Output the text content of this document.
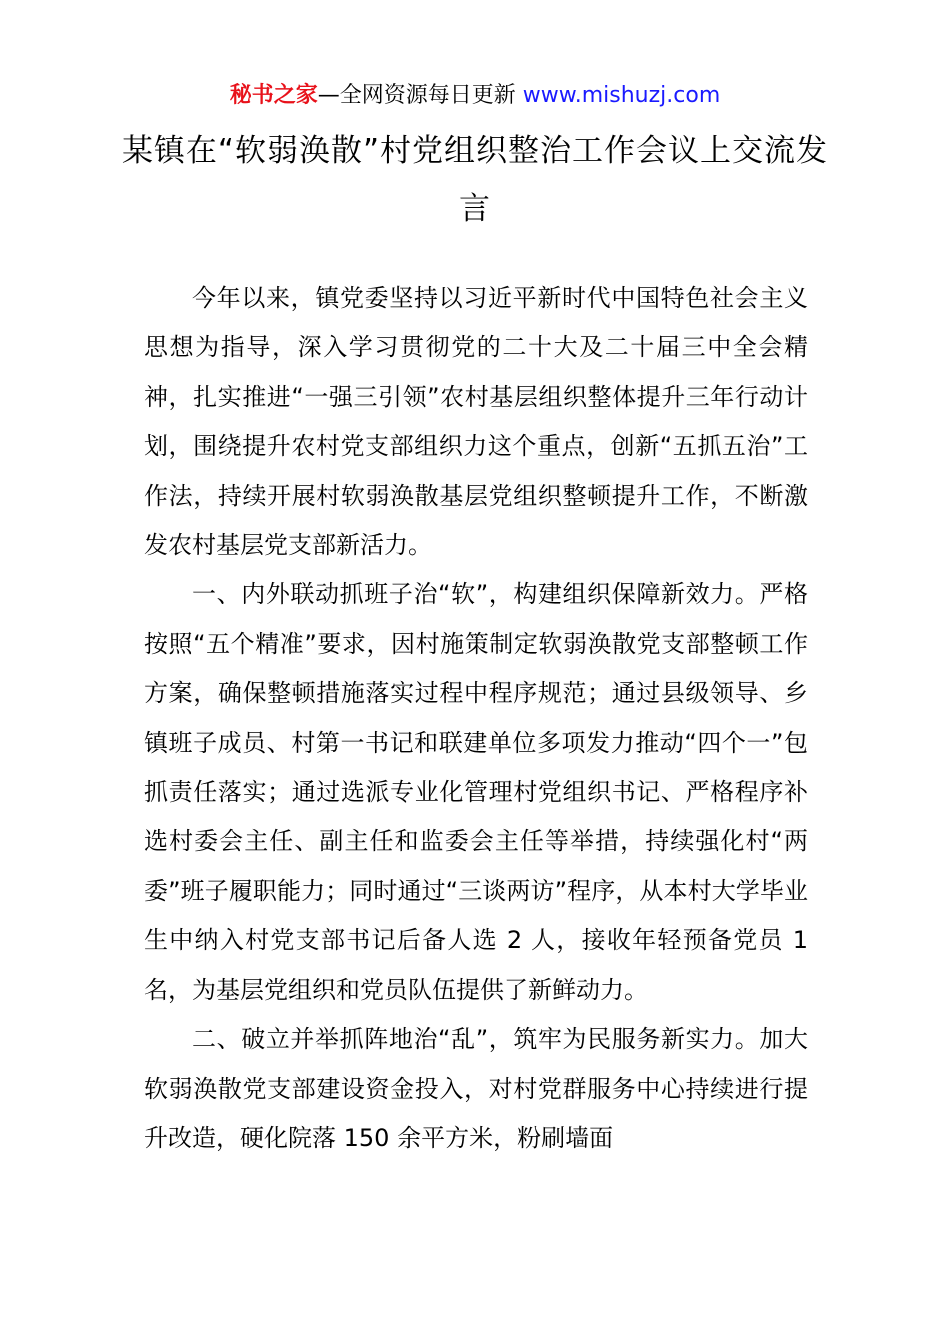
秘书之家—全网资源每日更新 www.mishuzj.com
某镇在“软弱涣散”村党组织整治工作会议上交流发言

今年以来，镇党委坚持以习近平新时代中国特色社会主义思想为指导，深入学习贯彻党的二十大及二十届三中全会精神，扎实推进“一强三引领”农村基层组织整体提升三年行动计划，围绕提升农村党支部组织力这个重点，创新“五抓五治”工作法，持续开展村软弱涣散基层党组织整顿提升工作，不断激发农村基层党支部新活力。

一、内外联动抓班子治“软”，构建组织保障新效力。严格按照“五个精准”要求，因村施策制定软弱涣散党支部整顿工作方案，确保整顿措施落实过程中程序规范；通过县级领导、乡镇班子成员、村第一书记和联建单位多项发力推动“四个一”包抓责任落实；通过选派专业化管理村党组织书记、严格程序补选村委会主任、副主任和监委会主任等举措，持续强化村“两委”班子履职能力；同时通过“三谈两访”程序，从本村大学毕业生中纳入村党支部书记后备人选 2 人，接收年轻预备党员 1 名，为基层党组织和党员队伍提供了新鲜动力。

二、破立并举抓阵地治“乱”，筑牢为民服务新实力。加大软弱涣散党支部建设资金投入，对村党群服务中心持续进行提升改造，硬化院落 150 余平方米，粉刷墙面
